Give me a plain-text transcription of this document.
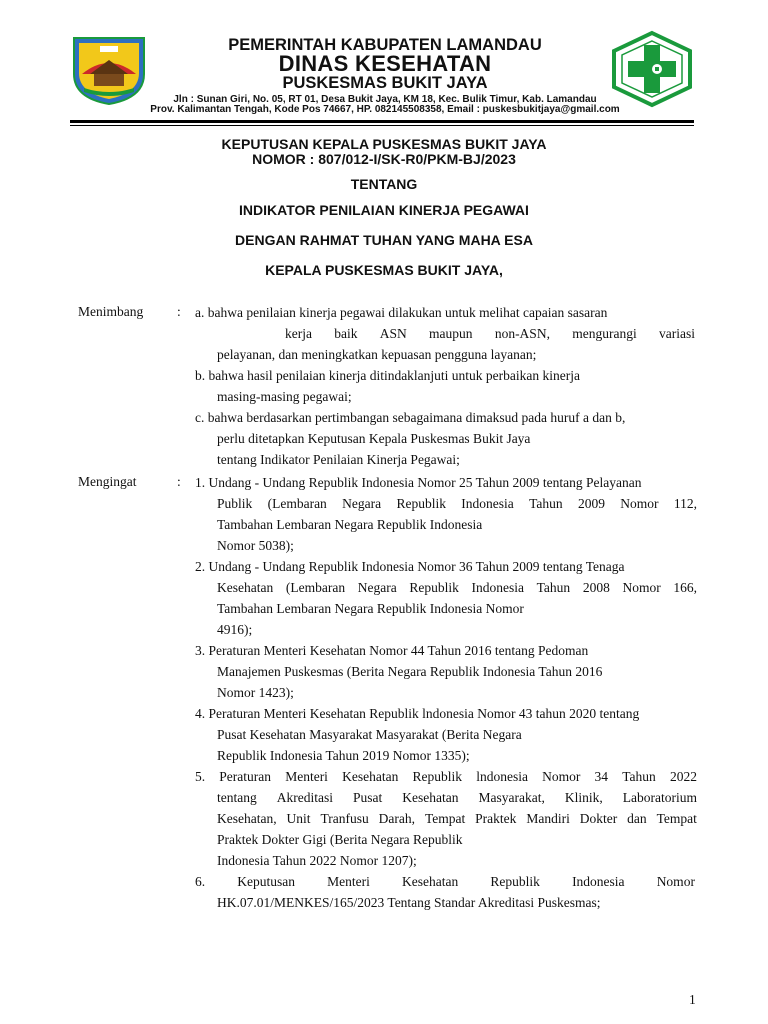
PEMERINTAH KABUPATEN LAMANDAU

DINAS KESEHATAN

PUSKESMAS BUKIT JAYA

Jln : Sunan Giri, No. 05, RT 01, Desa Bukit Jaya, KM 18, Kec. Bulik Timur, Kab. Lamandau

Prov. Kalimantan Tengah, Kode Pos 74667, HP. 082145508358, Email : puskesbukitjaya@gmail.com

KEPUTUSAN KEPALA PUSKESMAS BUKIT JAYA

NOMOR : 807/012-I/SK-R0/PKM-BJ/2023

TENTANG

INDIKATOR PENILAIAN KINERJA PEGAWAI

DENGAN RAHMAT TUHAN YANG MAHA ESA

KEPALA PUSKESMAS BUKIT JAYA,

Menimbang	: a. bahwa penilaian kinerja pegawai dilakukan untuk melihat capaian sasaran
kerja baik ASN maupun non-ASN, mengurangi variasi
pelayanan, dan meningkatkan kepuasan pengguna layanan;
b. bahwa hasil penilaian kinerja ditindaklanjuti untuk perbaikan kinerja
masing-masing pegawai;
c. bahwa berdasarkan pertimbangan sebagaimana dimaksud pada huruf a dan b,
perlu ditetapkan Keputusan Kepala Puskesmas Bukit Jaya
tentang Indikator Penilaian Kinerja Pegawai;
Mengingat	: 1. Undang - Undang Republik Indonesia Nomor 25 Tahun 2009 tentang Pelayanan
Publik (Lembaran Negara Republik Indonesia Tahun 2009 Nomor 112,
Tambahan Lembaran Negara Republik Indonesia
Nomor 5038);
2. Undang - Undang Republik Indonesia Nomor 36 Tahun 2009 tentang Tenaga
Kesehatan (Lembaran Negara Republik Indonesia Tahun 2008 Nomor 166,
Tambahan Lembaran Negara Republik Indonesia Nomor
4916);
3. Peraturan Menteri Kesehatan Nomor 44 Tahun 2016 tentang Pedoman
Manajemen Puskesmas (Berita Negara Republik Indonesia Tahun 2016
Nomor 1423);
4. Peraturan Menteri Kesehatan Republik lndonesia Nomor 43 tahun 2020 tentang
Pusat Kesehatan Masyarakat Masyarakat (Berita Negara
Republik Indonesia Tahun 2019 Nomor 1335);
5. Peraturan Menteri Kesehatan Republik lndonesia Nomor 34 Tahun 2022
tentang Akreditasi Pusat Kesehatan Masyarakat, Klinik, Laboratorium
Kesehatan, Unit Tranfusu Darah, Tempat Praktek Mandiri Dokter dan Tempat
Praktek Dokter Gigi (Berita Negara Republik
Indonesia Tahun 2022 Nomor 1207);
6. Keputusan Menteri Kesehatan Republik Indonesia Nomor
HK.07.01/MENKES/165/2023 Tentang Standar Akreditasi Puskesmas;
1
